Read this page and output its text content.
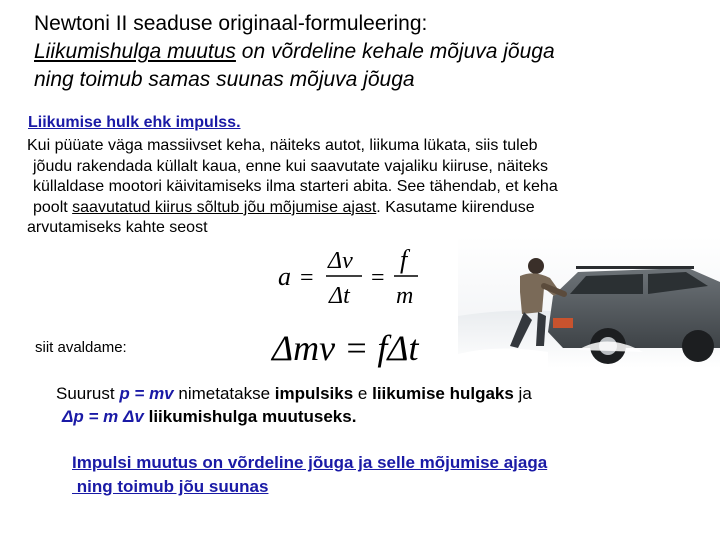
Newtoni II seaduse originaal-formuleering:
Liikumishulga muutus on võrdeline kehale mõjuva jõuga
ning toimub samas suunas mõjuva jõuga
Liikumise hulk ehk impulss.
Kui püüate väga massiivset keha, näiteks autot, liikuma lükata, siis tuleb
jõudu rakendada küllalt kaua, enne kui saavutate vajaliku kiiruse, näiteks
küllaldase mootori käivitamiseks ilma starteri abita. See tähendab, et keha
poolt saavutatud kiirus sõltub jõu mõjumise ajast. Kasutame kiirenduse
arvutamiseks kahte seost
a =
Δv
Δt
=
f
m
siit avaldame:	Δmv = fΔt
Suurust p = mv nimetatakse impulsiks e liikumise hulgaks ja
Δp = m Δv liikumishulga muutuseks.
Impulsi muutus on võrdeline jõuga ja selle mõjumise ajaga
ning toimub jõu suunas
